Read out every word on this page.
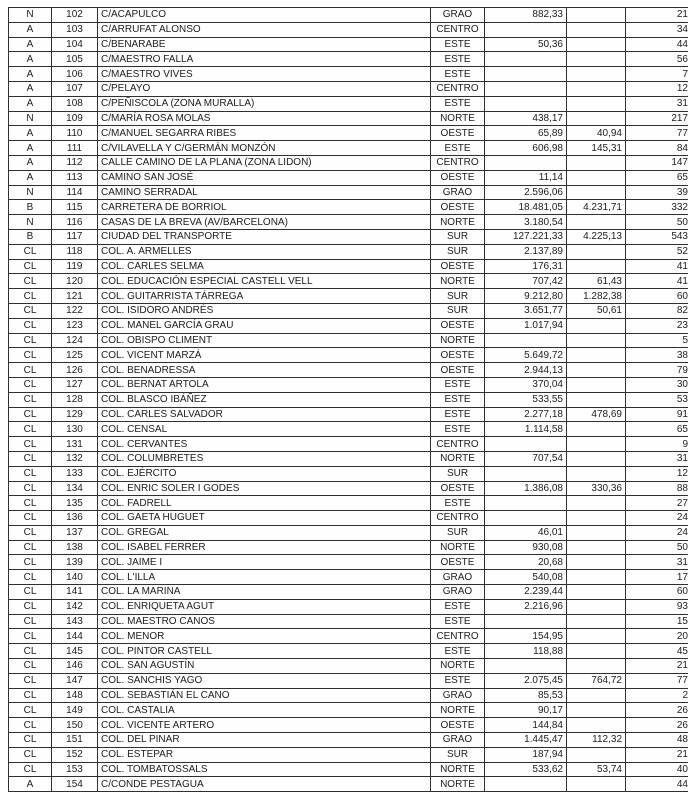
N	102	C/ACAPULCO	GRAO	882,33		21
A	103	C/ARRUFAT ALONSO	CENTRO			34
A	104	C/BENARABE	ESTE	50,36		44
A	105	C/MAESTRO FALLA	ESTE			56
A	106	C/MAESTRO VIVES	ESTE			7
A	107	C/PELAYO	CENTRO			12
A	108	C/PEÑISCOLA (ZONA MURALLA)	ESTE			31
N	109	C/MARÍA ROSA MOLAS	NORTE	438,17		217
A	110	C/MANUEL SEGARRA RIBES	OESTE	65,89	40,94	77
A	111	C/VILAVELLA Y C/GERMÁN MONZÓN	ESTE	606,98	145,31	84
A	112	CALLE CAMINO DE LA PLANA (ZONA LIDON)	CENTRO			147
A	113	CAMINO SAN JOSÉ	OESTE	11,14		65
N	114	CAMINO SERRADAL	GRAO	2.596,06		39
B	115	CARRETERA DE BORRIOL	OESTE	18.481,05	4.231,71	332
N	116	CASAS DE LA BREVA (AV/BARCELONA)	NORTE	3.180,54		50
B	117	CIUDAD DEL TRANSPORTE	SUR	127.221,33	4.225,13	543
CL	118	COL. A. ARMELLES	SUR	2.137,89		52
CL	119	COL. CARLES SELMA	OESTE	176,31		41
CL	120	COL. EDUCACIÓN ESPECIAL CASTELL VELL	NORTE	707,42	61,43	41
CL	121	COL. GUITARRISTA TÁRREGA	SUR	9.212,80	1.282,38	60
CL	122	COL. ISIDORO ANDRÉS	SUR	3.651,77	50,61	82
CL	123	COL. MANEL GARCÍA GRAU	OESTE	1.017,94		23
CL	124	COL. OBISPO CLIMENT	NORTE			5
CL	125	COL. VICENT MARZÁ	OESTE	5.649,72		38
CL	126	COL. BENADRESSA	OESTE	2.944,13		79
CL	127	COL. BERNAT ARTOLA	ESTE	370,04		30
CL	128	COL. BLASCO IBÁÑEZ	ESTE	533,55		53
CL	129	COL. CARLES SALVADOR	ESTE	2.277,18	478,69	91
CL	130	COL. CENSAL	ESTE	1.114,58		65
CL	131	COL. CERVANTES	CENTRO			9
CL	132	COL. COLUMBRETES	NORTE	707,54		31
CL	133	COL. EJÉRCITO	SUR			12
CL	134	COL. ENRIC SOLER I GODES	OESTE	1.386,08	330,36	88
CL	135	COL. FADRELL	ESTE			27
CL	136	COL. GAETA HUGUET	CENTRO			24
CL	137	COL. GREGAL	SUR	46,01		24
CL	138	COL. ISABEL FERRER	NORTE	930,08		50
CL	139	COL. JAIME I	OESTE	20,68		31
CL	140	COL. L'ILLA	GRAO	540,08		17
CL	141	COL. LA MARINA	GRAO	2.239,44		60
CL	142	COL. ENRIQUETA AGUT	ESTE	2.216,96		93
CL	143	COL. MAESTRO CANOS	ESTE			15
CL	144	COL. MENOR	CENTRO	154,95		20
CL	145	COL. PINTOR CASTELL	ESTE	118,88		45
CL	146	COL. SAN AGUSTÍN	NORTE			21
CL	147	COL. SANCHIS YAGO	ESTE	2.075,45	764,72	77
CL	148	COL. SEBASTIÁN EL CANO	GRAO	85,53		2
CL	149	COL. CASTALIA	NORTE	90,17		26
CL	150	COL. VICENTE ARTERO	OESTE	144,84		26
CL	151	COL. DEL PINAR	GRAO	1.445,47	112,32	48
CL	152	COL. ESTEPAR	SUR	187,94		21
CL	153	COL. TOMBATOSSALS	NORTE	533,62	53,74	40
A	154	C/CONDE PESTAGUA	NORTE			44
